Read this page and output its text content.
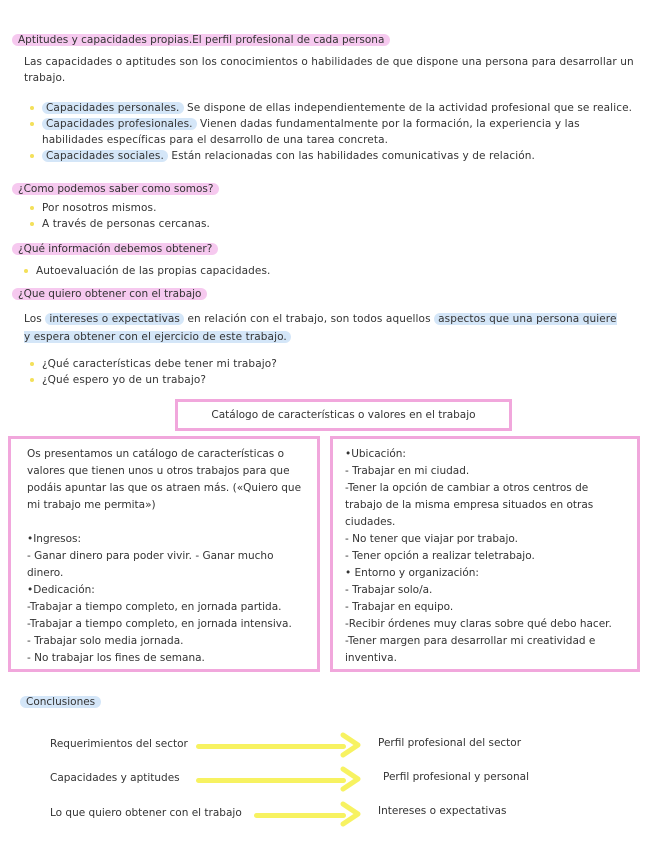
Aptitudes y capacidades propias.El perfil profesional de cada persona
Las capacidades o aptitudes son los conocimientos o habilidades de que dispone una persona para desarrollar un trabajo.
Capacidades personales. Se dispone de ellas independientemente de la actividad profesional que se realice.
Capacidades profesionales. Vienen dadas fundamentalmente por la formación, la experiencia y las habilidades específicas para el desarrollo de una tarea concreta.
Capacidades sociales. Están relacionadas con las habilidades comunicativas y de relación.
¿Como podemos saber como somos?
Por nosotros mismos.
A través de personas cercanas.
¿Qué información debemos obtener?
Autoevaluación de las propias capacidades.
¿Que quiero obtener con el trabajo
Los intereses o expectativas en relación con el trabajo, son todos aquellos aspectos que una persona quiere y espera obtener con el ejercicio de este trabajo.
¿Qué características debe tener mi trabajo?
¿Qué espero yo de un trabajo?
Catálogo de características o valores en el trabajo
Os presentamos un catálogo de características o
valores que tienen unos u otros trabajos para que
podáis apuntar las que os atraen más. («Quiero que
mi trabajo me permita»)
•Ingresos:
- Ganar dinero para poder vivir. - Ganar mucho
dinero.
•Dedicación:
-Trabajar a tiempo completo, en jornada partida.
-Trabajar a tiempo completo, en jornada intensiva.
- Trabajar solo media jornada.
- No trabajar los fines de semana.
•Ubicación:
- Trabajar en mi ciudad.
-Tener la opción de cambiar a otros centros de
trabajo de la misma empresa situados en otras
ciudades.
- No tener que viajar por trabajo.
- Tener opción a realizar teletrabajo.
• Entorno y organización:
- Trabajar solo/a.
- Trabajar en equipo.
-Recibir órdenes muy claras sobre qué debo hacer.
-Tener margen para desarrollar mi creatividad e
inventiva.
Conclusiones
Requerimientos del sector	Perfil profesional del sector
Capacidades y aptitudes	Perfil profesional y personal
Lo que quiero obtener con el trabajo	Intereses o expectativas
